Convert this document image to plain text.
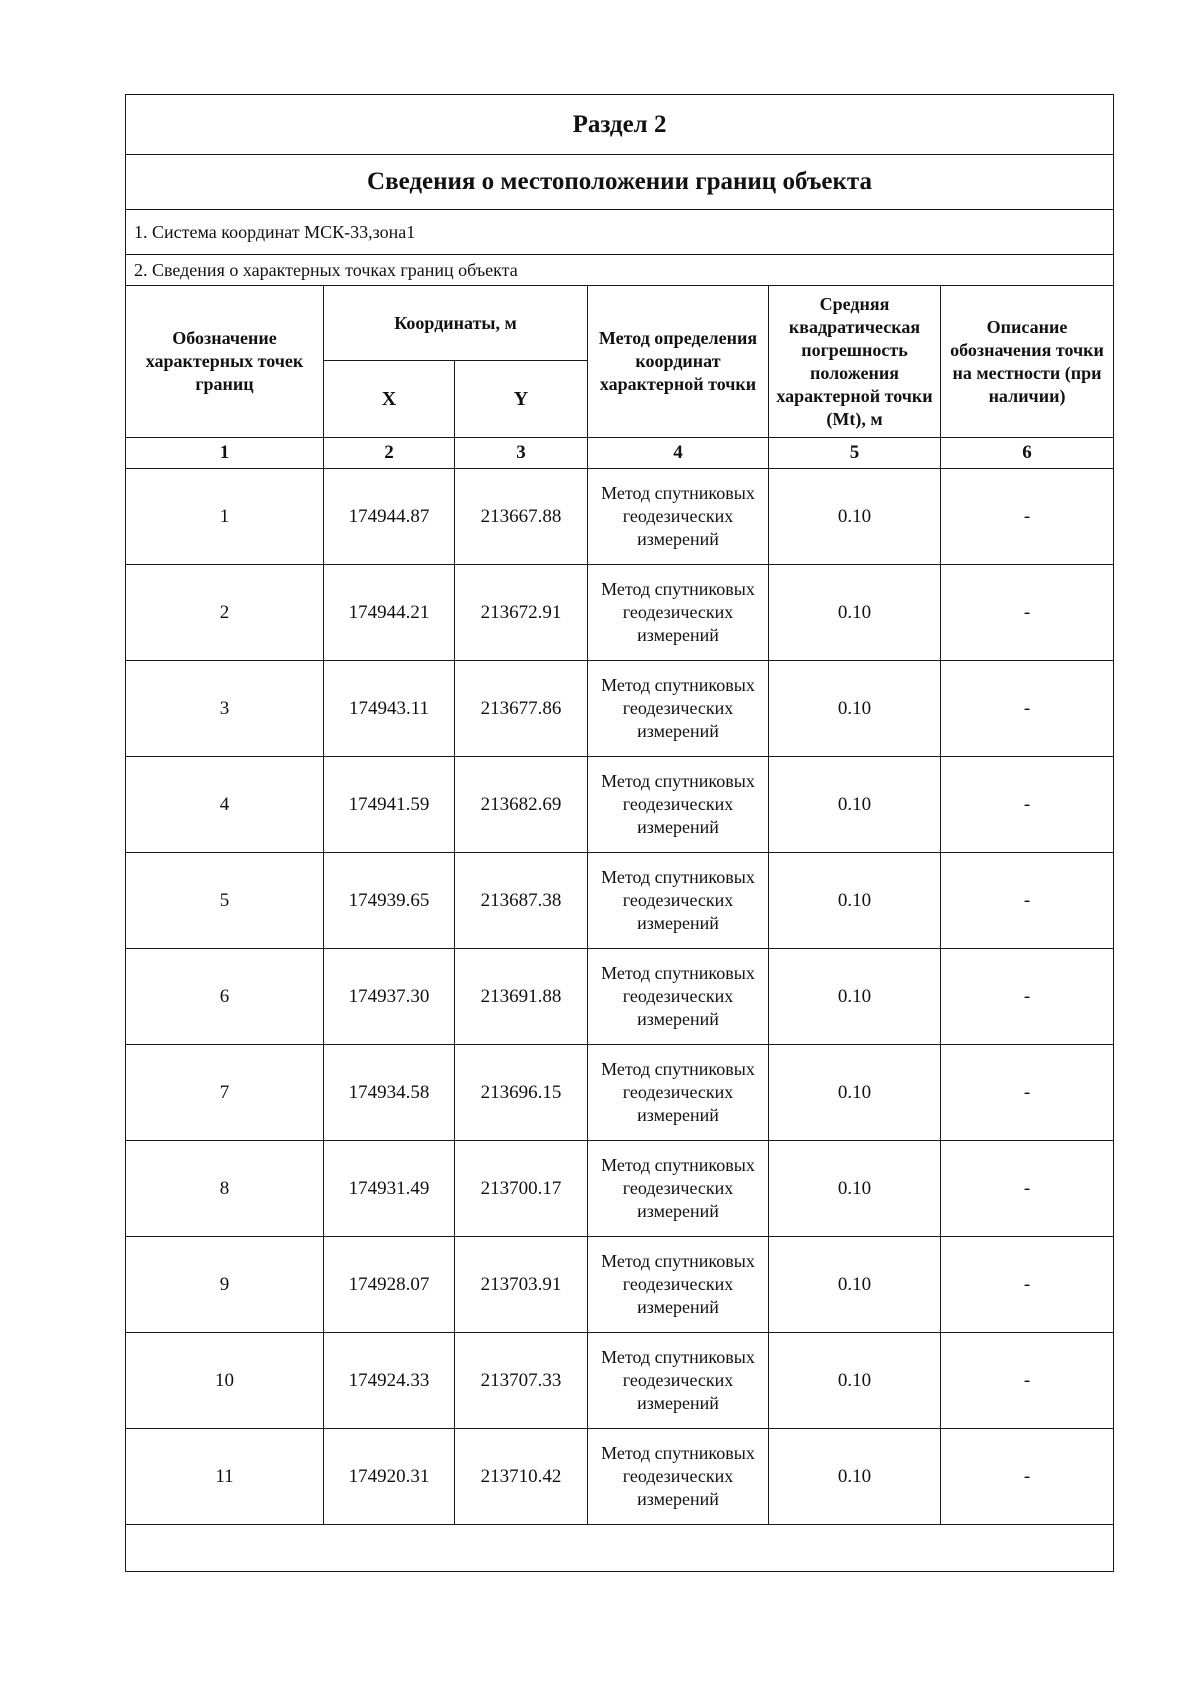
Раздел 2					
Сведения о местоположении границ объекта					
1. Система координат МСК-33,зона1					
2. Сведения о характерных точках границ объекта					
Обозначение характерных точек границ	Координаты, м		Метод определения координат характерной точки	Средняя квадратическая погрешность положения характерной точки (Mt), м	Описание обозначения точки на местности (при наличии)
	X	Y			
1	2	3	4	5	6
1	174944.87	213667.88	Метод спутниковых геодезических измерений	0.10	-
2	174944.21	213672.91	Метод спутниковых геодезических измерений	0.10	-
3	174943.11	213677.86	Метод спутниковых геодезических измерений	0.10	-
4	174941.59	213682.69	Метод спутниковых геодезических измерений	0.10	-
5	174939.65	213687.38	Метод спутниковых геодезических измерений	0.10	-
6	174937.30	213691.88	Метод спутниковых геодезических измерений	0.10	-
7	174934.58	213696.15	Метод спутниковых геодезических измерений	0.10	-
8	174931.49	213700.17	Метод спутниковых геодезических измерений	0.10	-
9	174928.07	213703.91	Метод спутниковых геодезических измерений	0.10	-
10	174924.33	213707.33	Метод спутниковых геодезических измерений	0.10	-
11	174920.31	213710.42	Метод спутниковых геодезических измерений	0.10	-
